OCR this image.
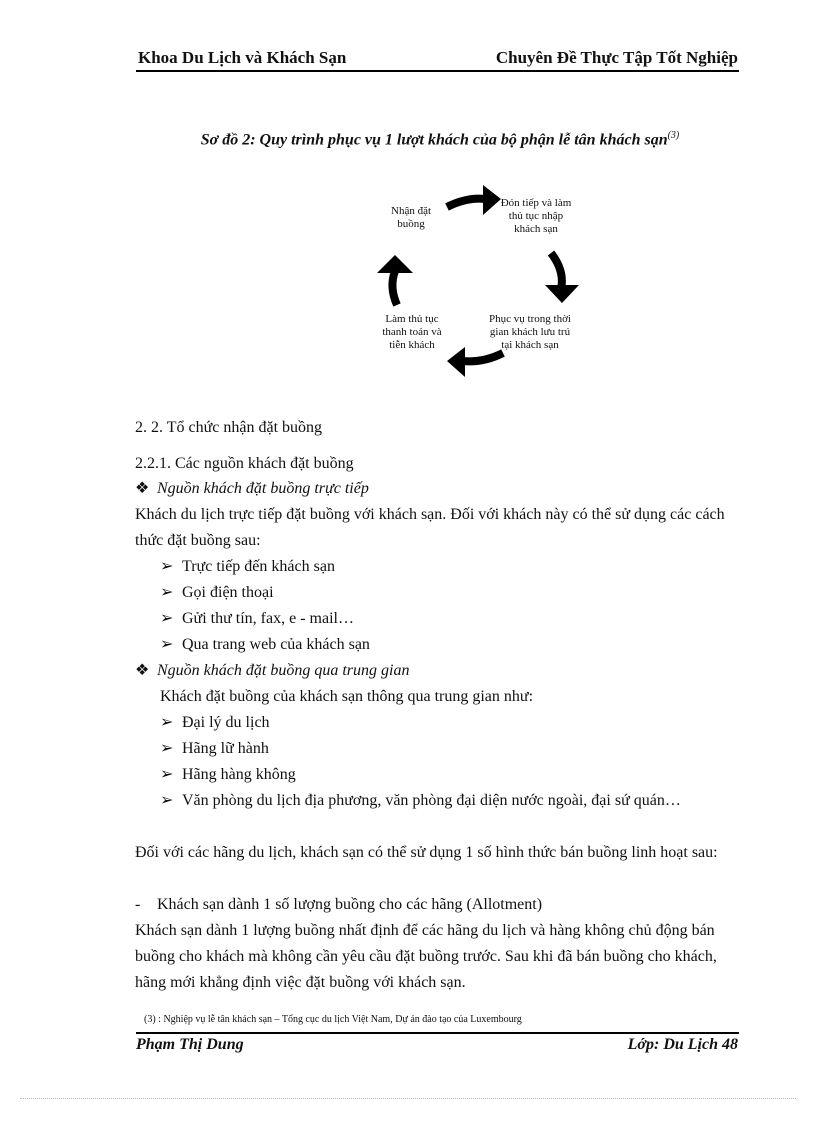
Khoa Du Lịch và Khách Sạn	Chuyên Đề Thực Tập Tốt Nghiệp
Sơ đồ 2: Quy trình phục vụ 1 lượt khách của bộ phận lễ tân khách sạn$^{(3)}$
Nhận đặt buồng
Đón tiếp và làm thủ tục nhập khách sạn
Phục vụ trong thời gian khách lưu trú tại khách sạn
Làm thủ tục thanh toán và tiễn khách
2. 2. Tổ chức nhận đặt buồng
2.2.1. Các nguồn khách đặt buồng
❖ Nguồn khách đặt buồng trực tiếp
Khách du lịch trực tiếp đặt buồng với khách sạn. Đối với khách này có thể sử dụng các cách thức đặt buồng sau:
➢ Trực tiếp đến khách sạn
➢ Gọi điện thoại
➢ Gửi thư tín, fax, e - mail…
➢ Qua trang web của khách sạn
❖ Nguồn khách đặt buồng qua trung gian
Khách đặt buồng của khách sạn thông qua trung gian như:
➢ Đại lý du lịch
➢ Hãng lữ hành
➢ Hãng hàng không
➢ Văn phòng du lịch địa phương, văn phòng đại diện nước ngoài, đại sứ quán…
Đối với các hãng du lịch, khách sạn có thể sử dụng 1 số hình thức bán buồng linh hoạt sau:
- Khách sạn dành 1 số lượng buồng cho các hãng (Allotment)
Khách sạn dành 1 lượng buồng nhất định để các hãng du lịch và hàng không chủ động bán buồng cho khách mà không cần yêu cầu đặt buồng trước. Sau khi đã bán buồng cho khách, hãng mới khẳng định việc đặt buồng với khách sạn.
(3) : Nghiệp vụ lễ tân khách sạn – Tổng cục du lịch Việt Nam, Dự án đào tạo của Luxembourg
Phạm Thị Dung	Lớp: Du Lịch 48
